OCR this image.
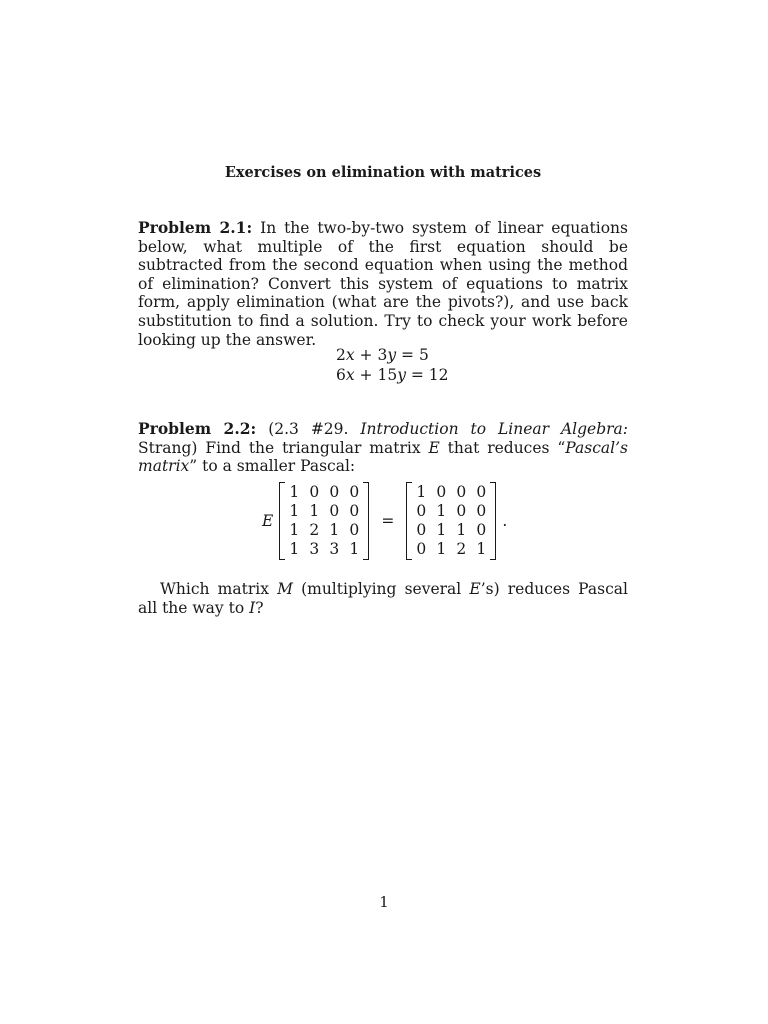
Exercises on elimination with matrices
Problem 2.1: In the two-by-two system of linear equations below, what multiple of the first equation should be subtracted from the second equation when using the method of elimination? Convert this system of equations to matrix form, apply elimination (what are the pivots?), and use back substitution to find a solution. Try to check your work before looking up the answer.
2x + 3y = 5
6x + 15y = 12
Problem 2.2: (2.3 #29. Introduction to Linear Algebra: Strang) Find the triangular matrix E that reduces “Pascal’s matrix” to a smaller Pascal:
E
1 0 0 0
1 1 0 0
1 2 1 0
1 3 3 1
=
1 0 0 0
0 1 0 0
0 1 1 0
0 1 2 1
.
Which matrix M (multiplying several E’s) reduces Pascal all the way to I?
1
